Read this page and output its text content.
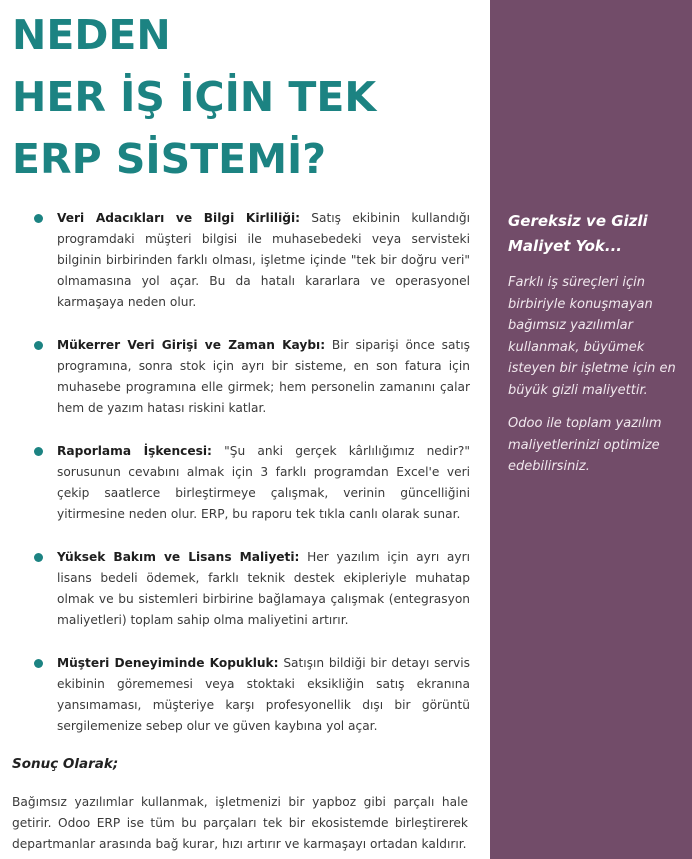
NEDEN
HER İŞ İÇİN TEK
ERP SİSTEMİ?
Veri Adacıkları ve Bilgi Kirliliği: Satış ekibinin kullandığı programdaki müşteri bilgisi ile muhasebedeki veya servisteki bilginin birbirinden farklı olması, işletme içinde "tek bir doğru veri" olmamasına yol açar. Bu da hatalı kararlara ve operasyonel karmaşaya neden olur.
Mükerrer Veri Girişi ve Zaman Kaybı: Bir siparişi önce satış programına, sonra stok için ayrı bir sisteme, en son fatura için muhasebe programına elle girmek; hem personelin zamanını çalar hem de yazım hatası riskini katlar.
Raporlama İşkencesi: "Şu anki gerçek kârlılığımız nedir?" sorusunun cevabını almak için 3 farklı programdan Excel'e veri çekip saatlerce birleştirmeye çalışmak, verinin güncelliğini yitirmesine neden olur. ERP, bu raporu tek tıkla canlı olarak sunar.
Yüksek Bakım ve Lisans Maliyeti: Her yazılım için ayrı ayrı lisans bedeli ödemek, farklı teknik destek ekipleriyle muhatap olmak ve bu sistemleri birbirine bağlamaya çalışmak (entegrasyon maliyetleri) toplam sahip olma maliyetini artırır.
Müşteri Deneyiminde Kopukluk: Satışın bildiği bir detayı servis ekibinin görememesi veya stoktaki eksikliğin satış ekranına yansımaması, müşteriye karşı profesyonellik dışı bir görüntü sergilemenize sebep olur ve güven kaybına yol açar.

Sonuç Olarak;

Bağımsız yazılımlar kullanmak, işletmenizi bir yapboz gibi parçalı hale getirir. Odoo ERP ise tüm bu parçaları tek bir ekosistemde birleştirerek departmanlar arasında bağ kurar, hızı artırır ve karmaşayı ortadan kaldırır.

Gereksiz ve Gizli Maliyet Yok...

Farklı iş süreçleri için birbiriyle konuşmayan bağımsız yazılımlar kullanmak, büyümek isteyen bir işletme için en büyük gizli maliyettir.

Odoo ile toplam yazılım maliyetlerinizi optimize edebilirsiniz.
